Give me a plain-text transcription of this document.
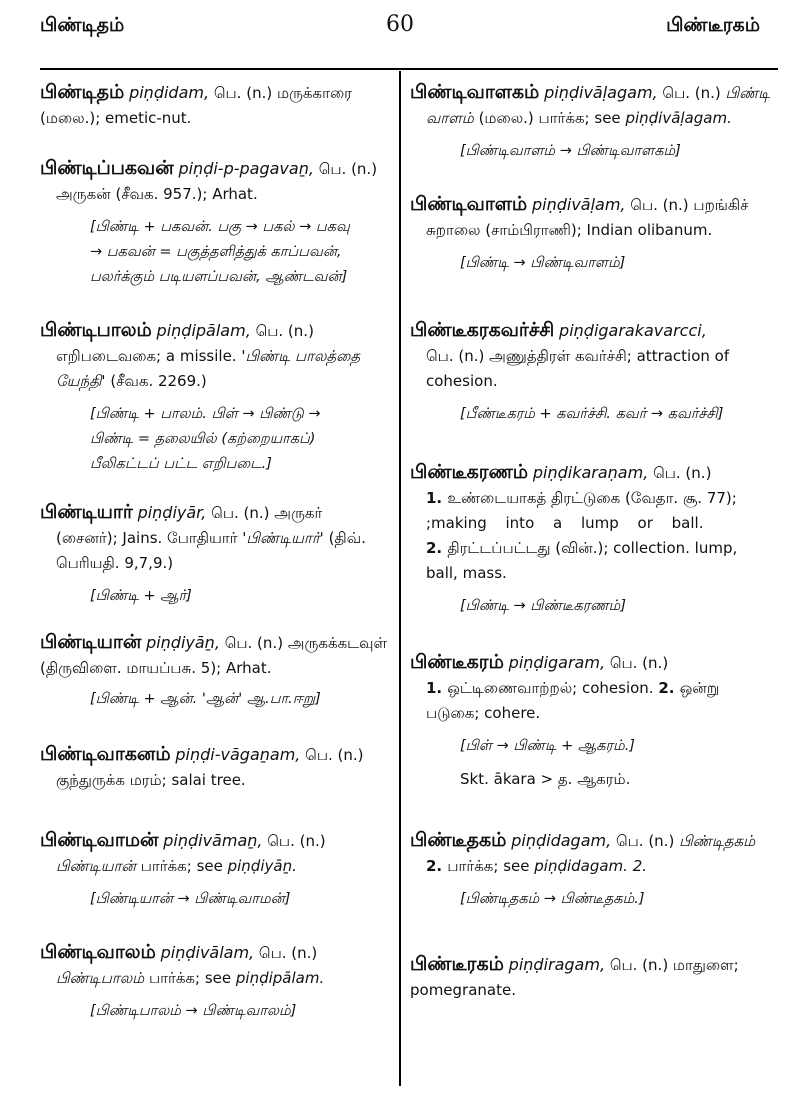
பிண்டிதம்	60	பிண்டீரகம்
பிண்டிதம் piṇḍidam, பெ. (n.) மருக்காரை
(மலை.); emetic-nut.
பிண்டிப்பகவன் piṇḍi-p-pagavaṉ, பெ. (n.)
அருகன் (சீவக. 957.); Arhat.
[பிண்டி + பகவன். பகு → பகல் → பகவு
→ பகவன் = பகுத்தளித்துக் காப்பவன்,
பலர்க்கும் படியளப்பவன், ஆண்டவன்]
பிண்டிபாலம் piṇḍipālam, பெ. (n.)
எறிபடைவகை; a missile. 'பிண்டி பாலத்தை
யேந்தி' (சீவக. 2269.)
[பிண்டி + பாலம். பிள் → பிண்டு →
பிண்டி = தலையில் (கற்றையாகப்)
பீலிகட்டப் பட்ட எறிபடை.]
பிண்டியார் piṇḍiyār, பெ. (n.) அருகர்
(சைனர்); Jains. போதியார் 'பிண்டியார்' (திவ்.
பெரியதி. 9,7,9.)
[பிண்டி + ஆர்]
பிண்டியான் piṇḍiyāṉ, பெ. (n.) அருகக்கடவுள்
(திருவிளை. மாயப்பசு. 5); Arhat.
[பிண்டி + ஆன். 'ஆன்' ஆ.பா.ஈறு]
பிண்டிவாகனம் piṇḍi-vāgaṉam, பெ. (n.)
குந்துருக்க மரம்; salai tree.
பிண்டிவாமன் piṇḍivāmaṉ, பெ. (n.)
பிண்டியான் பார்க்க; see piṇḍiyāṉ.
[பிண்டியான் → பிண்டிவாமன்]
பிண்டிவாலம் piṇḍivālam, பெ. (n.)
பிண்டிபாலம் பார்க்க; see piṇḍipālam.
[பிண்டிபாலம் → பிண்டிவாலம்]
பிண்டிவாளகம் piṇḍivāḷagam, பெ. (n.) பிண்டி
வாளம் (மலை.) பார்க்க; see piṇḍivāḷagam.
[பிண்டிவாளம் → பிண்டிவாளகம்]
பிண்டிவாளம் piṇḍivāḷam, பெ. (n.) பறங்கிச்
சுறாலை (சாம்பிராணி); Indian olibanum.
[பிண்டி → பிண்டிவாளம்]
பிண்டீகரகவர்ச்சி piṇḍigarakavarcci,
பெ. (n.) அணுத்திரள் கவர்ச்சி; attraction of
cohesion.
[பீண்டீகரம் + கவர்ச்சி. கவர் → கவர்ச்சி]
பிண்டீகரணம் piṇḍikaraṇam, பெ. (n.)
1. உண்டையாகத் திரட்டுகை (வேதா. சூ. 77);
;making into a lump or ball.
2. திரட்டப்பட்டது (வின்.); collection. lump,
ball, mass.
[பிண்டி → பிண்டீகரணம்]
பிண்டீகரம் piṇḍigaram, பெ. (n.)
1. ஒட்டிணைவாற்றல்; cohesion. 2. ஒன்று
படுகை; cohere.
[பிள் → பிண்டி + ஆகரம்.]
Skt. ākara > த. ஆகரம்.
பிண்டீதகம் piṇḍidagam, பெ. (n.) பிண்டிதகம்
2. பார்க்க; see piṇḍidagam. 2.
[பிண்டிதகம் → பிண்டீதகம்.]
பிண்டீரகம் piṇḍiragam, பெ. (n.) மாதுளை;
pomegranate.
